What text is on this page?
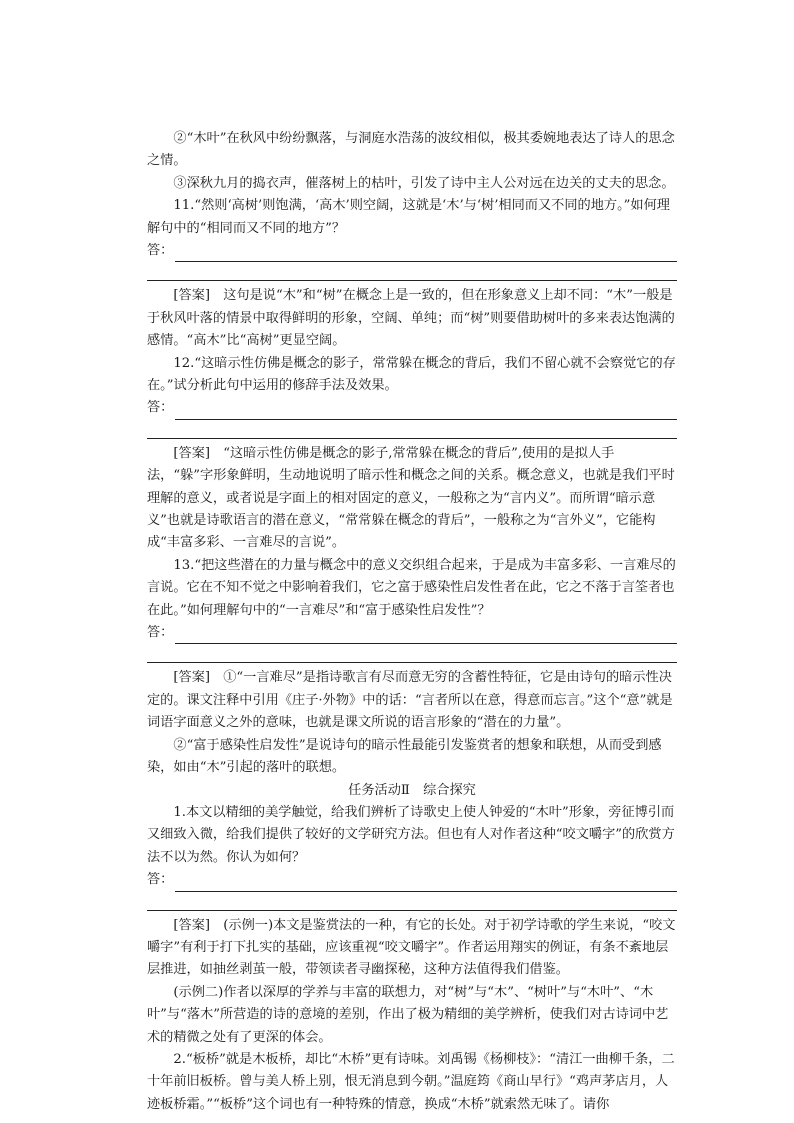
②“木叶”在秋风中纷纷飘落，与洞庭水浩荡的波纹相似，极其委婉地表达了诗人的思念之情。

③深秋九月的捣衣声，催落树上的枯叶，引发了诗中主人公对远在边关的丈夫的思念。

11.“然则‘高树’则饱满，‘高木’则空阔，这就是‘木’与‘树’相同而又不同的地方。”如何理解句中的“相同而又不同的地方”？

答：

[答案]　 这句是说“木”和“树”在概念上是一致的，但在形象意义上却不同：“木”一般是于秋风叶落的情景中取得鲜明的形象，空阔、单纯；而“树”则要借助树叶的多来表达饱满的感情。“高木”比“高树”更显空阔。

12.“这暗示性仿佛是概念的影子，常常躲在概念的背后，我们不留心就不会察觉它的存在。”试分析此句中运用的修辞手法及效果。

答：

[答案]　 “这暗示性仿佛是概念的影子,常常躲在概念的背后”,使用的是拟人手法，“躲”字形象鲜明，生动地说明了暗示性和概念之间的关系。概念意义，也就是我们平时理解的意义，或者说是字面上的相对固定的意义，一般称之为“言内义”。而所谓“暗示意义”也就是诗歌语言的潜在意义，“常常躲在概念的背后”，一般称之为“言外义”，它能构成“丰富多彩、一言难尽的言说”。

13.“把这些潜在的力量与概念中的意义交织组合起来，于是成为丰富多彩、一言难尽的言说。它在不知不觉之中影响着我们，它之富于感染性启发性者在此，它之不落于言筌者也在此。”如何理解句中的“一言难尽”和“富于感染性启发性”？

答：

[答案]　 ①“一言难尽”是指诗歌言有尽而意无穷的含蓄性特征，它是由诗句的暗示性决定的。课文注释中引用《庄子·外物》中的话：“言者所以在意，得意而忘言。”这个“意”就是词语字面意义之外的意味，也就是课文所说的语言形象的“潜在的力量”。

②“富于感染性启发性”是说诗句的暗示性最能引发鉴赏者的想象和联想，从而受到感染，如由“木”引起的落叶的联想。

任务活动Ⅱ　综合探究

1.本文以精细的美学触觉，给我们辨析了诗歌史上使人钟爱的“木叶”形象，旁征博引而又细致入微，给我们提供了较好的文学研究方法。但也有人对作者这种“咬文嚼字”的欣赏方法不以为然。你认为如何？

答：

[答案]　 (示例一)本文是鉴赏法的一种，有它的长处。对于初学诗歌的学生来说，“咬文嚼字”有利于打下扎实的基础，应该重视“咬文嚼字”。作者运用翔实的例证，有条不紊地层层推进，如抽丝剥茧一般，带领读者寻幽探秘，这种方法值得我们借鉴。

(示例二)作者以深厚的学养与丰富的联想力，对“树”与“木”、“树叶”与“木叶”、“木叶”与“落木”所营造的诗的意境的差别，作出了极为精细的美学辨析，使我们对古诗词中艺术的精微之处有了更深的体会。

2.“板桥”就是木板桥，却比“木桥”更有诗味。刘禹锡《杨柳枝》：“清江一曲柳千条，二十年前旧板桥。曾与美人桥上别，恨无消息到今朝。”温庭筠《商山早行》“鸡声茅店月，人迹板桥霜。”“板桥”这个词也有一种特殊的情意，换成“木桥”就索然无味了。请你
